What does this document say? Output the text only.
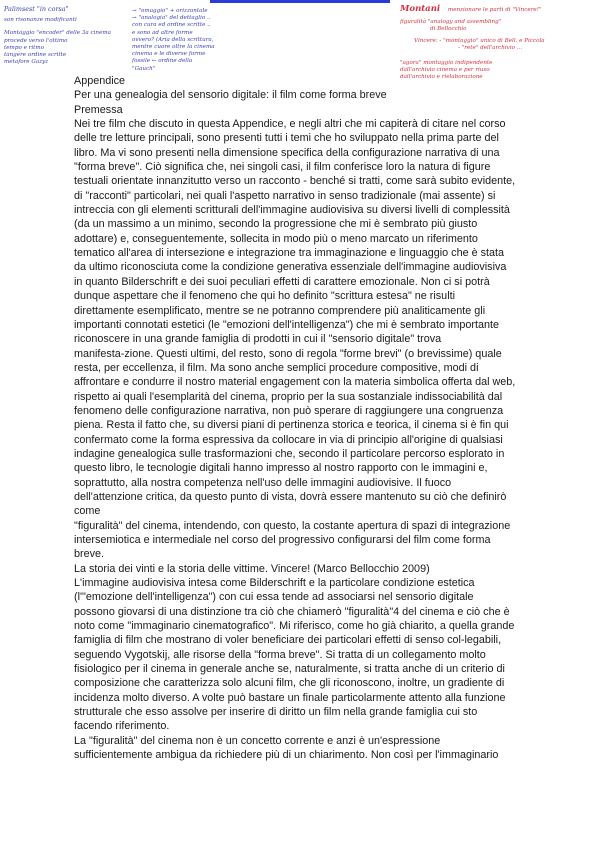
Palimsest "in corsa"
son risonanze modificanti
Montaggio "encoder" delle 3a cinema
procede verso l'ottimo
tempo e ritmo
tangere ordine scritte
metafore Gazyz
→ "omaggio" + orizzontale
→ "analogia" del dettaglio ..
con cura ed ordine scritte ..
e sono ad altre forme
ovvero? (Aria della scrittura,
mentre cuore oltre la cinema
cinema e le diverse forme
fossile ← ordine della
"Gauch"
Montani menzionare le parti di "Vincere!"
figuralità "analogy and assembling"
di Bellocchio
Vincere: - "montaggio" unico di Bell. e Piccola
- "rete" dell'archivio ...
"agora" montaggio indipendente
dall'archivio cinema e per riuso
dall'archivio e rielaborazione

Appendice

Per una genealogia del sensorio digitale: il film come forma breve

Premessa

Nei tre film che discuto in questa Appendice, e negli altri che mi capiterà di citare nel corso

delle tre letture principali, sono presenti tutti i temi che ho sviluppato nella prima parte del

libro. Ma vi sono presenti nella dimensione specifica della configurazione narrativa di una

"forma breve". Ciò significa che, nei singoli casi, il film conferisce loro la natura di figure

testuali orientate innanzitutto verso un racconto - benché si tratti, come sarà subito evidente,

di "racconti" particolari, nei quali l'aspetto narrativo in senso tradizionale (mai assente) si

intreccia con gli elementi scritturali dell'immagine audiovisiva su diversi livelli di complessità

(da un massimo a un minimo, secondo la progressione che mi è sembrato più giusto

adottare) e, conseguentemente, sollecita in modo più o meno marcato un riferimento

tematico all'area di intersezione e integrazione tra immaginazione e linguaggio che è stata

da ultimo riconosciuta come la condizione generativa essenziale dell'immagine audiovisiva

in quanto Bilderschrift e dei suoi peculiari effetti di carattere emozionale. Non ci si potrà

dunque aspettare che il fenomeno che qui ho definito "scrittura estesa" ne risulti

direttamente esemplificato, mentre se ne potranno comprendere più analiticamente gli

importanti connotati estetici (le "emozioni dell'intelligenza") che mi è sembrato importante

riconoscere in una grande famiglia di prodotti in cui il "sensorio digitale" trova

manifesta-zione. Questi ultimi, del resto, sono di regola "forme brevi" (o brevissime) quale

resta, per eccellenza, il film. Ma sono anche semplici procedure compositive, modi di

affrontare e condurre il nostro material engagement con la materia simbolica offerta dal web,

rispetto ai quali l'esemplarità del cinema, proprio per la sua sostanziale indissociabilità dal

fenomeno delle configurazione narrativa, non può sperare di raggiungere una congruenza

piena. Resta il fatto che, su diversi piani di pertinenza storica e teorica, il cinema si è fin qui

confermato come la forma espressiva da collocare in via di principio all'origine di qualsiasi

indagine genealogica sulle trasformazioni che, secondo il particolare percorso esplorato in

questo libro, le tecnologie digitali hanno impresso al nostro rapporto con le immagini e,

soprattutto, alla nostra competenza nell'uso delle immagini audiovisive. Il fuoco

dell'attenzione critica, da questo punto di vista, dovrà essere mantenuto su ciò che definirò

come

"figuralità" del cinema, intendendo, con questo, la costante apertura di spazi di integrazione

intersemiotica e intermediale nel corso del progressivo configurarsi del film come forma

breve.

La storia dei vinti e la storia delle vittime. Vincere! (Marco Bellocchio 2009)

L'immagine audiovisiva intesa come Bilderschrift e la particolare condizione estetica

(l'"emozione dell'intelligenza") con cui essa tende ad associarsi nel sensorio digitale

possono giovarsi di una distinzione tra ciò che chiamerò "figuralità"4 del cinema e ciò che è

noto come "immaginario cinematografico". Mi riferisco, come ho già chiarito, a quella grande

famiglia di film che mostrano di voler beneficiare dei particolari effetti di senso col-legabili,

seguendo Vygotskij, alle risorse della "forma breve". Si tratta di un collegamento molto

fisiologico per il cinema in generale anche se, naturalmente, si tratta anche di un criterio di

composizione che caratterizza solo alcuni film, che gli riconoscono, inoltre, un gradiente di

incidenza molto diverso. A volte può bastare un finale particolarmente attento alla funzione

strutturale che esso assolve per inserire di diritto un film nella grande famiglia cui sto

facendo riferimento.

La "figuralità" del cinema non è un concetto corrente e anzi è un'espressione

sufficientemente ambigua da richiedere più di un chiarimento. Non così per l'immaginario
